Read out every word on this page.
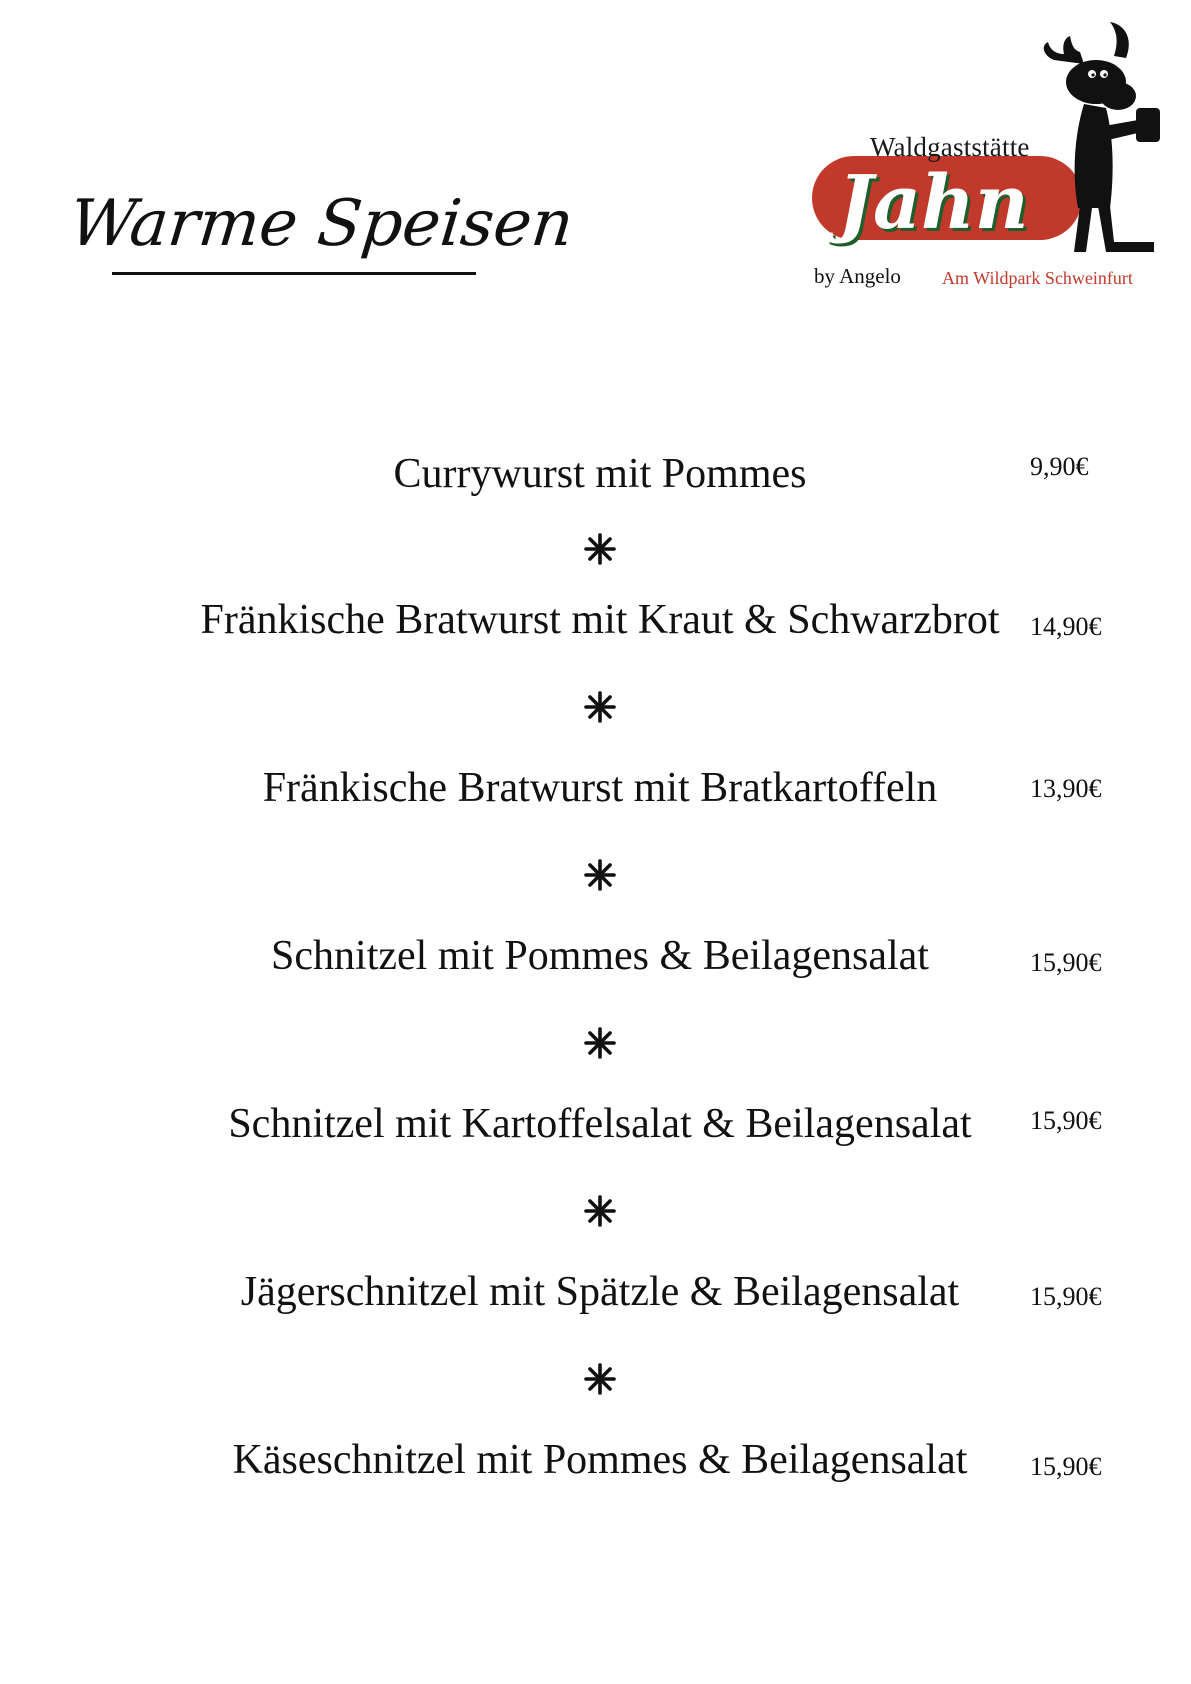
Warme Speisen
Waldgaststätte
Jahn
by Angelo Am Wildpark Schweinfurt
Currywurst mit Pommes	9,90€
Fränkische Bratwurst mit Kraut & Schwarzbrot	14,90€
Fränkische Bratwurst mit Bratkartoffeln	13,90€
Schnitzel mit Pommes & Beilagensalat	15,90€
Schnitzel mit Kartoffelsalat & Beilagensalat	15,90€
Jägerschnitzel mit Spätzle & Beilagensalat	15,90€
Käseschnitzel mit Pommes & Beilagensalat	15,90€
